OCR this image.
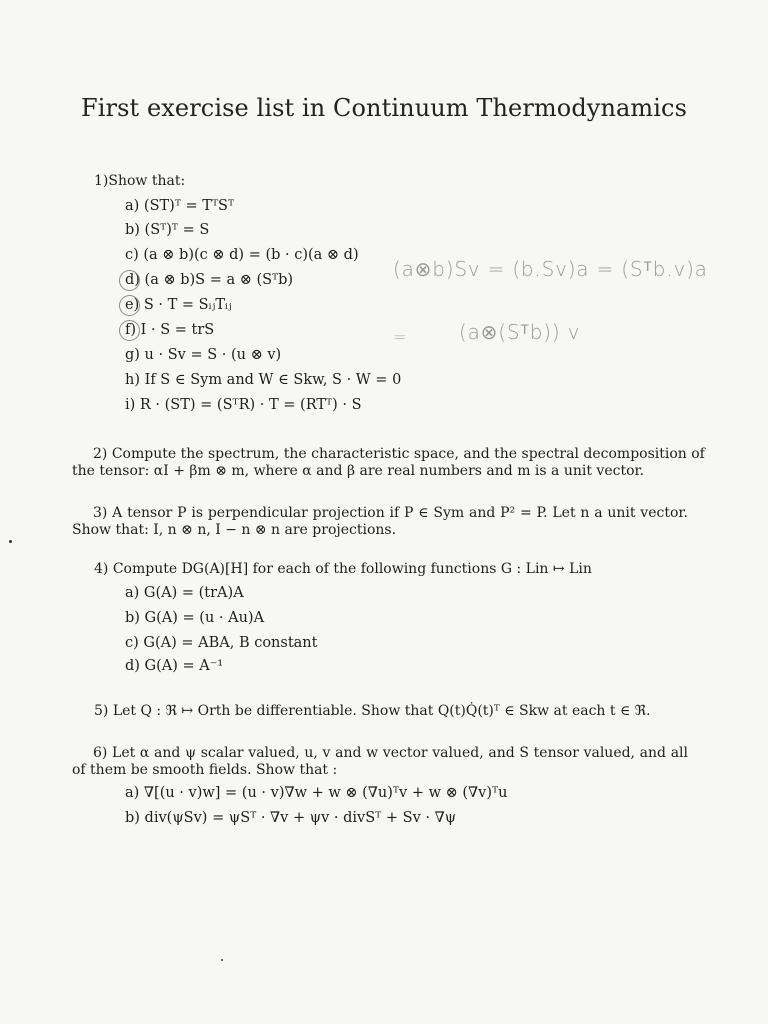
First exercise list in Continuum Thermodynamics
1)Show that:
a) (ST)ᵀ = TᵀSᵀ
b) (Sᵀ)ᵀ = S
c) (a ⊗ b)(c ⊗ d) = (b · c)(a ⊗ d)
d) (a ⊗ b)S = a ⊗ (Sᵀb)
e) S · T = SᵢⱼTᵢⱼ
f) I · S = trS
g) u · Sv = S · (u ⊗ v)
h) If S ∈ Sym and W ∈ Skw, S · W = 0
i) R · (ST) = (SᵀR) · T = (RTᵀ) · S
(a⊗b)Sv = (b.Sv)a = (Sᵀb.v)a
=	(a⊗(Sᵀb)) v
2) Compute the spectrum, the characteristic space, and the spectral decomposition of
the tensor: αI + βm ⊗ m, where α and β are real numbers and m is a unit vector.
3) A tensor P is perpendicular projection if P ∈ Sym and P² = P. Let n a unit vector.
Show that: I, n ⊗ n, I − n ⊗ n are projections.
4) Compute DG(A)[H] for each of the following functions G : Lin ↦ Lin
a) G(A) = (trA)A
b) G(A) = (u · Au)A
c) G(A) = ABA, B constant
d) G(A) = A⁻¹
5) Let Q : ℜ ↦ Orth be differentiable. Show that Q(t)Q̇(t)ᵀ ∈ Skw at each t ∈ ℜ.
6) Let α and ψ scalar valued, u, v and w vector valued, and S tensor valued, and all
of them be smooth fields. Show that :
a) ∇[(u · v)w] = (u · v)∇w + w ⊗ (∇u)ᵀv + w ⊗ (∇v)ᵀu
b) div(ψSv) = ψSᵀ · ∇v + ψv · divSᵀ + Sv · ∇ψ
